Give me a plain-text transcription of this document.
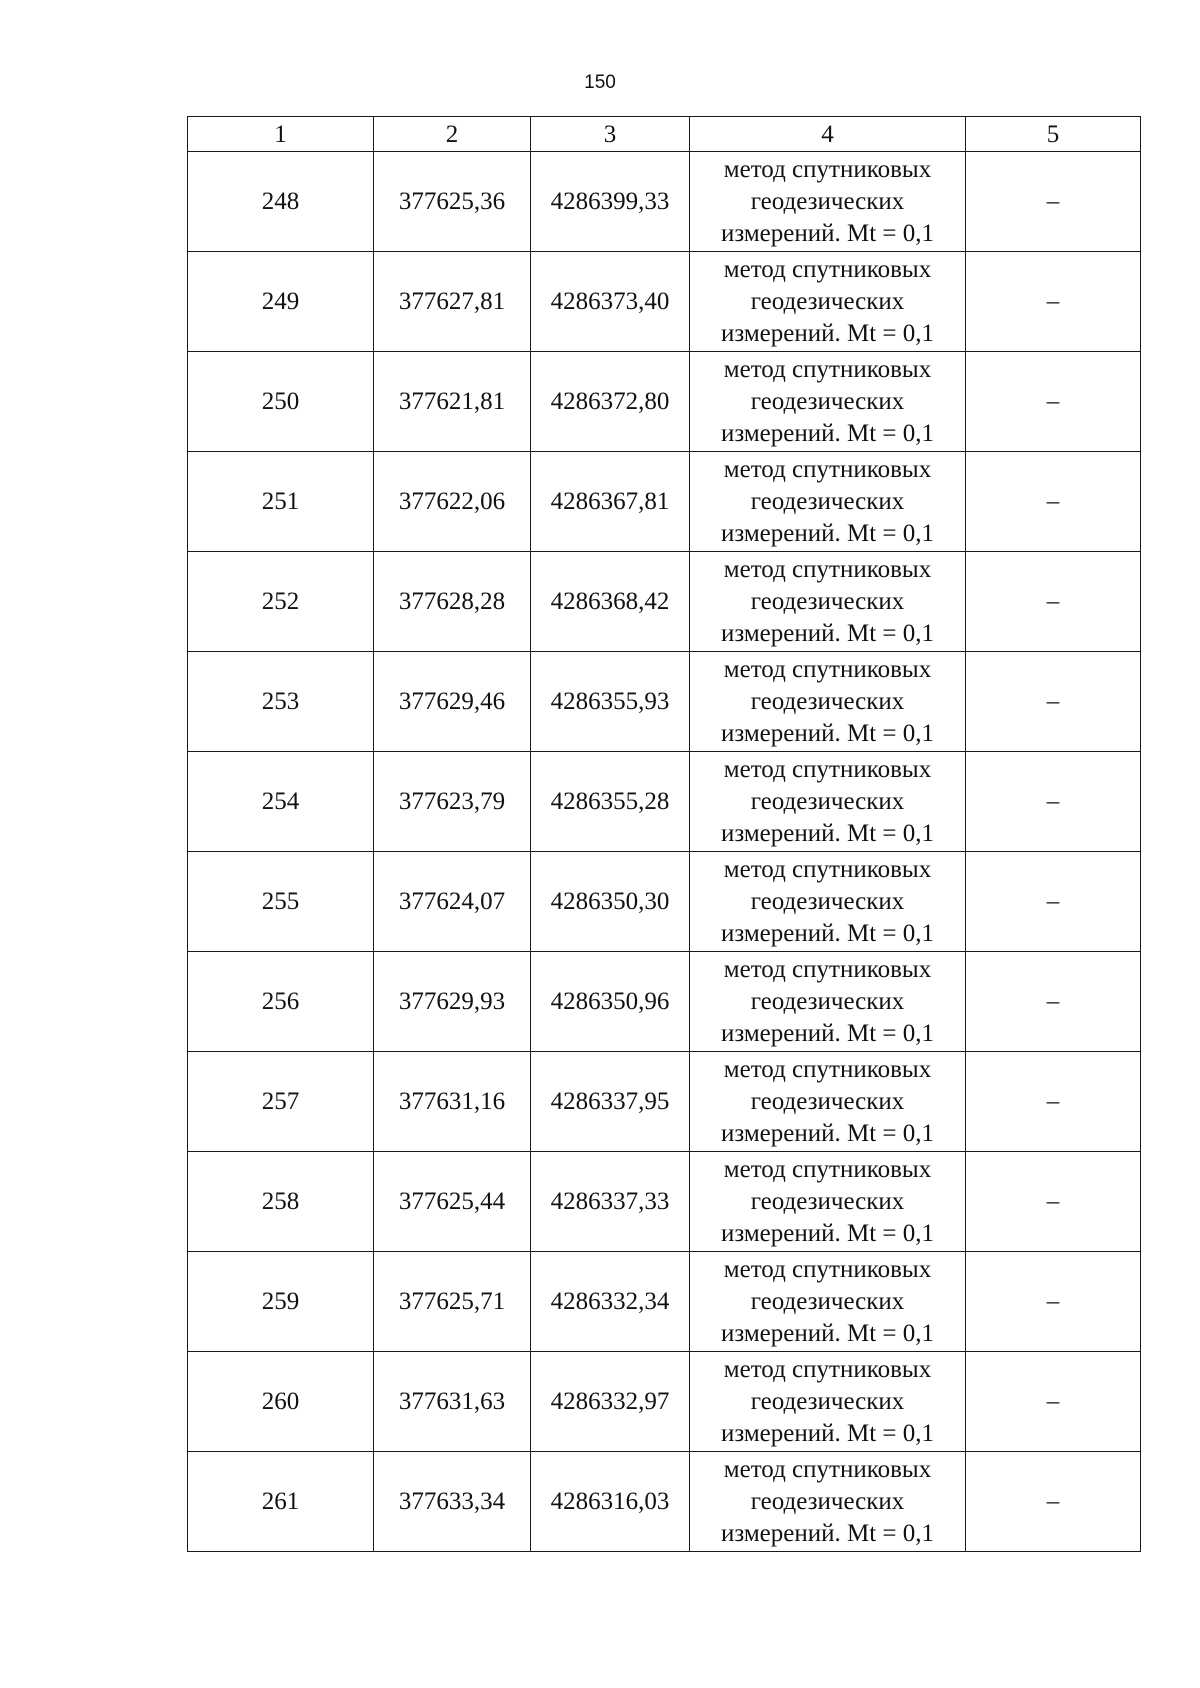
150
1	2	3	4	5
248	377625,36	4286399,33	метод спутниковых
геодезических
измерений. Mt = 0,1	–
249	377627,81	4286373,40	метод спутниковых
геодезических
измерений. Mt = 0,1	–
250	377621,81	4286372,80	метод спутниковых
геодезических
измерений. Mt = 0,1	–
251	377622,06	4286367,81	метод спутниковых
геодезических
измерений. Mt = 0,1	–
252	377628,28	4286368,42	метод спутниковых
геодезических
измерений. Mt = 0,1	–
253	377629,46	4286355,93	метод спутниковых
геодезических
измерений. Mt = 0,1	–
254	377623,79	4286355,28	метод спутниковых
геодезических
измерений. Mt = 0,1	–
255	377624,07	4286350,30	метод спутниковых
геодезических
измерений. Mt = 0,1	–
256	377629,93	4286350,96	метод спутниковых
геодезических
измерений. Mt = 0,1	–
257	377631,16	4286337,95	метод спутниковых
геодезических
измерений. Mt = 0,1	–
258	377625,44	4286337,33	метод спутниковых
геодезических
измерений. Mt = 0,1	–
259	377625,71	4286332,34	метод спутниковых
геодезических
измерений. Mt = 0,1	–
260	377631,63	4286332,97	метод спутниковых
геодезических
измерений. Mt = 0,1	–
261	377633,34	4286316,03	метод спутниковых
геодезических
измерений. Mt = 0,1	–
